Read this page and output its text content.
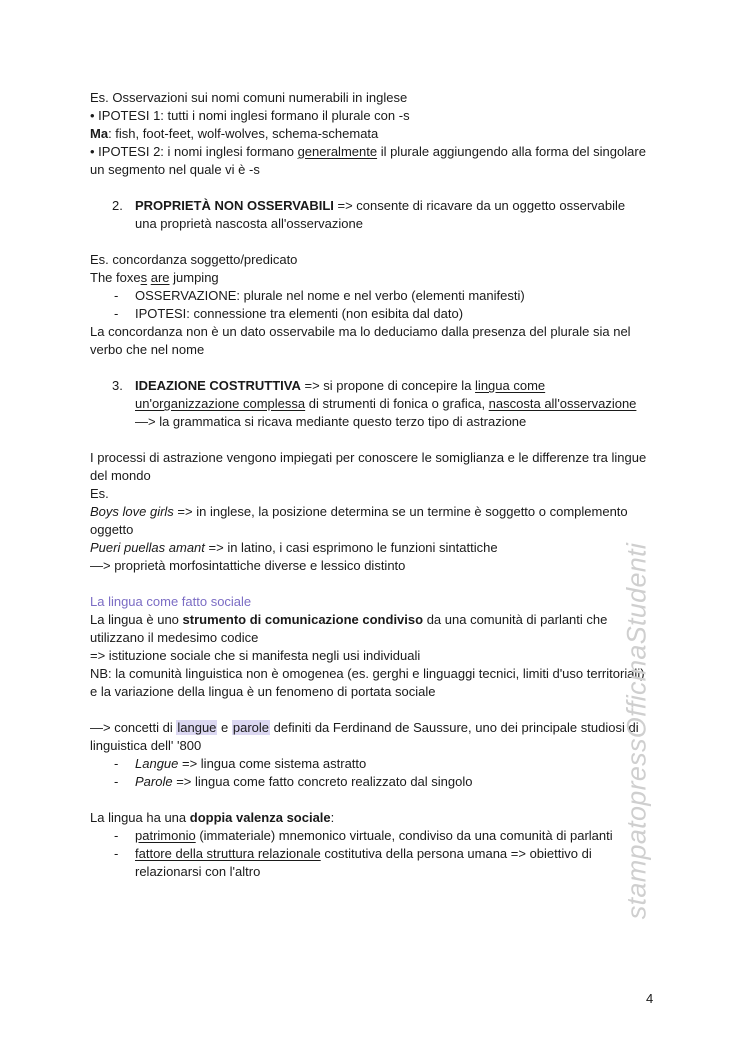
Es. Osservazioni sui nomi comuni numerabili in inglese

• IPOTESI 1: tutti i nomi inglesi formano il plurale con -s

Ma: fish, foot-feet, wolf-wolves, schema-schemata

• IPOTESI 2: i nomi inglesi formano generalmente il plurale aggiungendo alla forma del singolare un segmento nel quale vi è -s

2. PROPRIETÀ NON OSSERVABILI => consente di ricavare da un oggetto osservabile una proprietà nascosta all'osservazione

Es. concordanza soggetto/predicato

The foxes are jumping

- OSSERVAZIONE: plurale nel nome e nel verbo (elementi manifesti)

- IPOTESI: connessione tra elementi (non esibita dal dato)

La concordanza non è un dato osservabile ma lo deduciamo dalla presenza del plurale sia nel verbo che nel nome

3. IDEAZIONE COSTRUTTIVA => si propone di concepire la lingua come un'organizzazione complessa di strumenti di fonica o grafica, nascosta all'osservazione —> la grammatica si ricava mediante questo terzo tipo di astrazione

I processi di astrazione vengono impiegati per conoscere le somiglianza e le differenze tra lingue del mondo

Es.

Boys love girls => in inglese, la posizione determina se un termine è soggetto o complemento oggetto

Pueri puellas amant => in latino, i casi esprimono le funzioni sintattiche

—> proprietà morfosintattiche diverse e lessico distinto

La lingua come fatto sociale

La lingua è uno strumento di comunicazione condiviso da una comunità di parlanti che utilizzano il medesimo codice

=> istituzione sociale che si manifesta negli usi individuali

NB: la comunità linguistica non è omogenea (es. gerghi e linguaggi tecnici, limiti d'uso territoriali) e la variazione della lingua è un fenomeno di portata sociale

—> concetti di langue e parole definiti da Ferdinand de Saussure, uno dei principale studiosi di linguistica dell' '800

- Langue => lingua come sistema astratto

- Parole => lingua come fatto concreto realizzato dal singolo

La lingua ha una doppia valenza sociale:

- patrimonio (immateriale) mnemonico virtuale, condiviso da una comunità di parlanti

- fattore della struttura relazionale costitutiva della persona umana => obiettivo di relazionarsi con l'altro	stampatopressOfficinaStudenti
4
